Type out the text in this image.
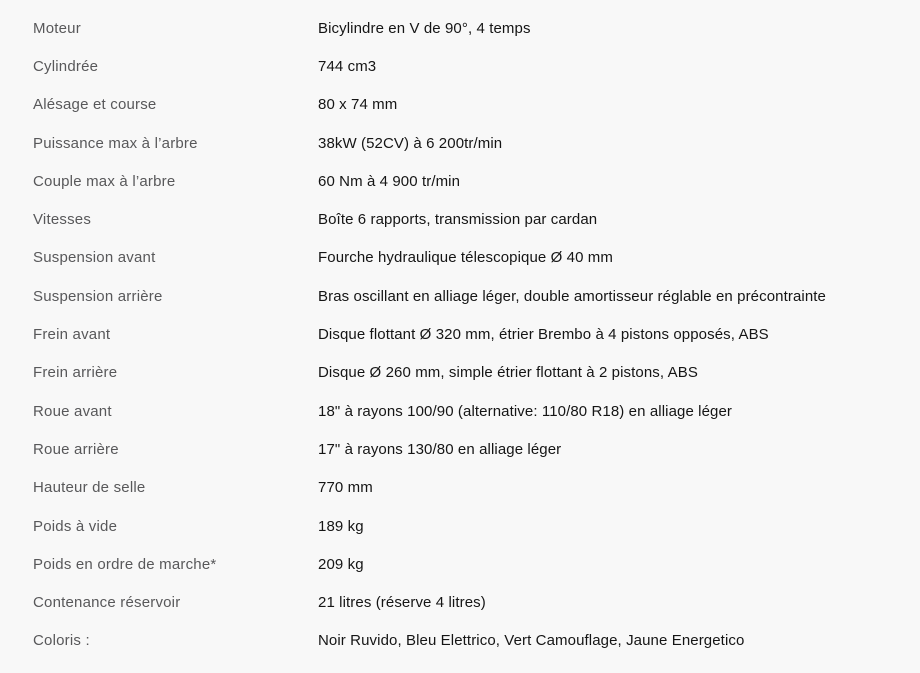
Moteur	Bicylindre en V de 90°, 4 temps
Cylindrée	744 cm3
Alésage et course	80 x 74 mm
Puissance max à l’arbre	38kW (52CV) à 6 200tr/min
Couple max à l’arbre	60 Nm à 4 900 tr/min
Vitesses	Boîte 6 rapports, transmission par cardan
Suspension avant	Fourche hydraulique télescopique Ø 40 mm
Suspension arrière	Bras oscillant en alliage léger, double amortisseur réglable en précontrainte
Frein avant	Disque flottant Ø 320 mm, étrier Brembo à 4 pistons opposés, ABS
Frein arrière	Disque Ø 260 mm, simple étrier flottant à 2 pistons, ABS
Roue avant	18" à rayons 100/90 (alternative: 110/80 R18) en alliage léger
Roue arrière	17" à rayons 130/80 en alliage léger
Hauteur de selle	770 mm
Poids à vide	189 kg
Poids en ordre de marche*	209 kg
Contenance réservoir	21 litres (réserve 4 litres)
Coloris :	Noir Ruvido, Bleu Elettrico, Vert Camouflage, Jaune Energetico
